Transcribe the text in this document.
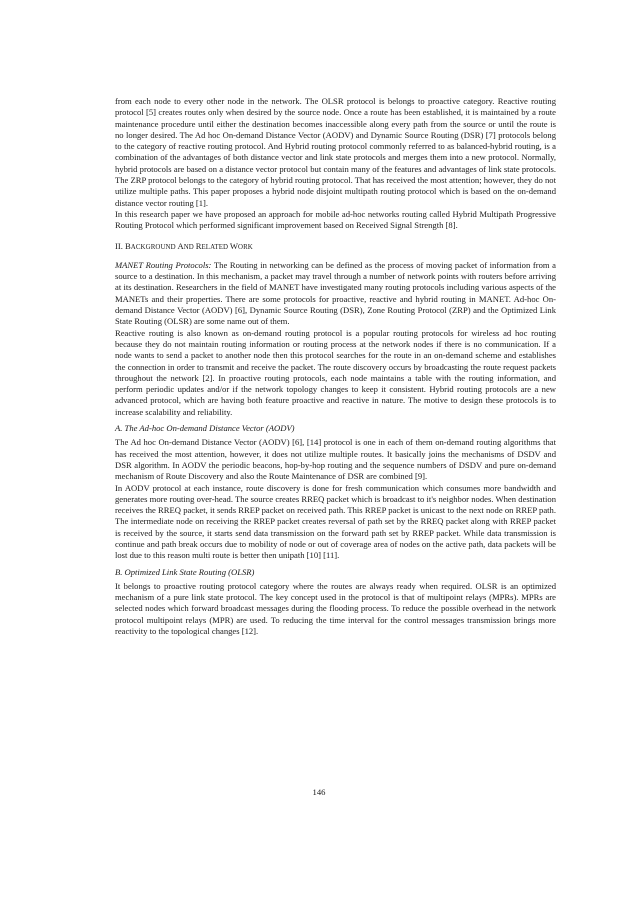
from each node to every other node in the network. The OLSR protocol is belongs to proactive category. Reactive routing protocol [5] creates routes only when desired by the source node. Once a route has been established, it is maintained by a route maintenance procedure until either the destination becomes inaccessible along every path from the source or until the route is no longer desired. The Ad hoc On-demand Distance Vector (AODV) and Dynamic Source Routing (DSR) [7] protocols belong to the category of reactive routing protocol. And Hybrid routing protocol commonly referred to as balanced-hybrid routing, is a combination of the advantages of both distance vector and link state protocols and merges them into a new protocol. Normally, hybrid protocols are based on a distance vector protocol but contain many of the features and advantages of link state protocols. The ZRP protocol belongs to the category of hybrid routing protocol. That has received the most attention; however, they do not utilize multiple paths. This paper proposes a hybrid node disjoint multipath routing protocol which is based on the on-demand distance vector routing [1].

In this research paper we have proposed an approach for mobile ad-hoc networks routing called Hybrid Multipath Progressive Routing Protocol which performed significant improvement based on Received Signal Strength [8].

II. BACKGROUND AND RELATED WORK

MANET Routing Protocols: The Routing in networking can be defined as the process of moving packet of information from a source to a destination. In this mechanism, a packet may travel through a number of network points with routers before arriving at its destination. Researchers in the field of MANET have investigated many routing protocols including various aspects of the MANETs and their properties. There are some protocols for proactive, reactive and hybrid routing in MANET. Ad-hoc On-demand Distance Vector (AODV) [6], Dynamic Source Routing (DSR), Zone Routing Protocol (ZRP) and the Optimized Link State Routing (OLSR) are some name out of them.

Reactive routing is also known as on-demand routing protocol is a popular routing protocols for wireless ad hoc routing because they do not maintain routing information or routing process at the network nodes if there is no communication. If a node wants to send a packet to another node then this protocol searches for the route in an on-demand scheme and establishes the connection in order to transmit and receive the packet. The route discovery occurs by broadcasting the route request packets throughout the network [2]. In proactive routing protocols, each node maintains a table with the routing information, and perform periodic updates and/or if the network topology changes to keep it consistent. Hybrid routing protocols are a new advanced protocol, which are having both feature proactive and reactive in nature. The motive to design these protocols is to increase scalability and reliability.

A. The Ad-hoc On-demand Distance Vector (AODV)

The Ad hoc On-demand Distance Vector (AODV) [6], [14] protocol is one in each of them on-demand routing algorithms that has received the most attention, however, it does not utilize multiple routes. It basically joins the mechanisms of DSDV and DSR algorithm. In AODV the periodic beacons, hop-by-hop routing and the sequence numbers of DSDV and pure on-demand mechanism of Route Discovery and also the Route Maintenance of DSR are combined [9].

In AODV protocol at each instance, route discovery is done for fresh communication which consumes more bandwidth and generates more routing over-head. The source creates RREQ packet which is broadcast to it's neighbor nodes. When destination receives the RREQ packet, it sends RREP packet on received path. This RREP packet is unicast to the next node on RREP path. The intermediate node on receiving the RREP packet creates reversal of path set by the RREQ packet along with RREP packet is received by the source, it starts send data transmission on the forward path set by RREP packet. While data transmission is continue and path break occurs due to mobility of node or out of coverage area of nodes on the active path, data packets will be lost due to this reason multi route is better then unipath [10] [11].

B. Optimized Link State Routing (OLSR)

It belongs to proactive routing protocol category where the routes are always ready when required. OLSR is an optimized mechanism of a pure link state protocol. The key concept used in the protocol is that of multipoint relays (MPRs). MPRs are selected nodes which forward broadcast messages during the flooding process. To reduce the possible overhead in the network protocol multipoint relays (MPR) are used. To reducing the time interval for the control messages transmission brings more reactivity to the topological changes [12].

146
